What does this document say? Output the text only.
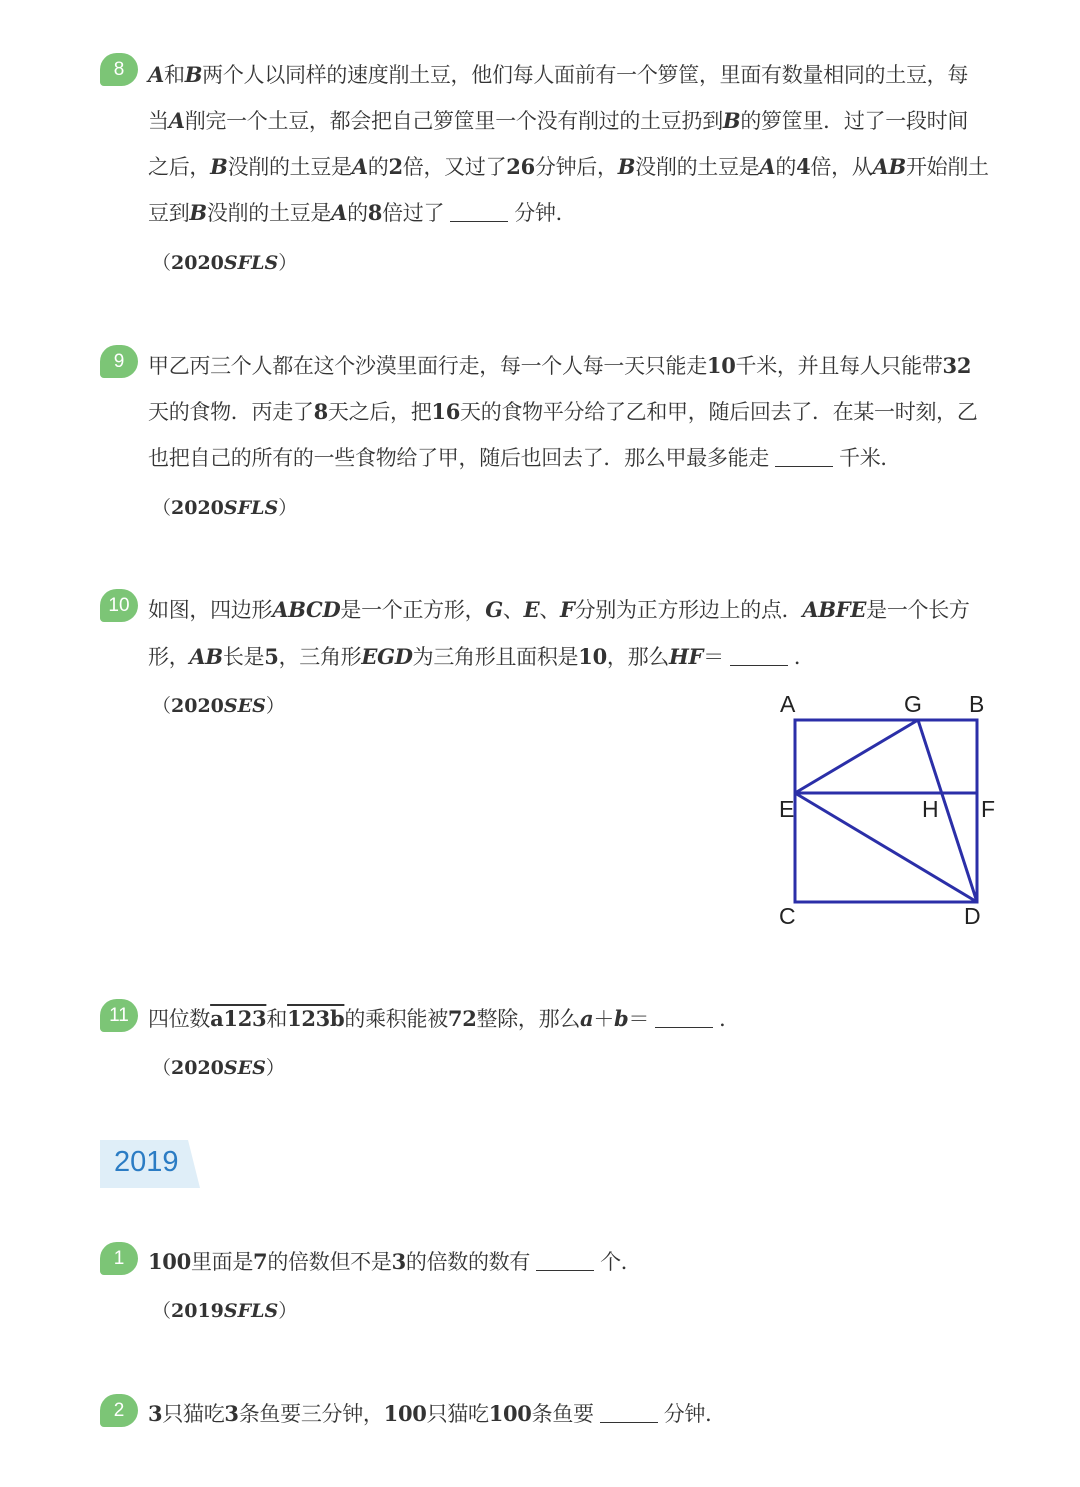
8 A和B两个人以同样的速度削土豆，他们每人面前有一个箩筐，里面有数量相同的土豆，每
当A削完一个土豆，都会把自己箩筐里一个没有削过的土豆扔到B的箩筐里．过了一段时间
之后，B没削的土豆是A的2倍，又过了26分钟后，B没削的土豆是A的4倍，从AB开始削土
豆到B没削的土豆是A的8倍过了	分钟．
（2020SFLS）
9 甲乙丙三个人都在这个沙漠里面行走，每一个人每一天只能走10千米，并且每人只能带32
天的食物．丙走了8天之后，把16天的食物平分给了乙和甲，随后回去了．在某一时刻，乙
也把自己的所有的一些食物给了甲，随后也回去了．那么甲最多能走	千米．
（2020SFLS）
10 如图，四边形ABCD是一个正方形，G、E、F分别为正方形边上的点．ABFE是一个长方
形，AB长是5，三角形EGD为三角形且面积是10，那么HF＝	．
（2020SES）	A	G B
E	H F
C	D
11 四位数a123和123b的乘积能被72整除，那么a＋b＝	．
（2020SES）
2019
1 100里面是7的倍数但不是3的倍数的数有	个．
（2019SFLS）
2 3只猫吃3条鱼要三分钟，100只猫吃100条鱼要	分钟．
